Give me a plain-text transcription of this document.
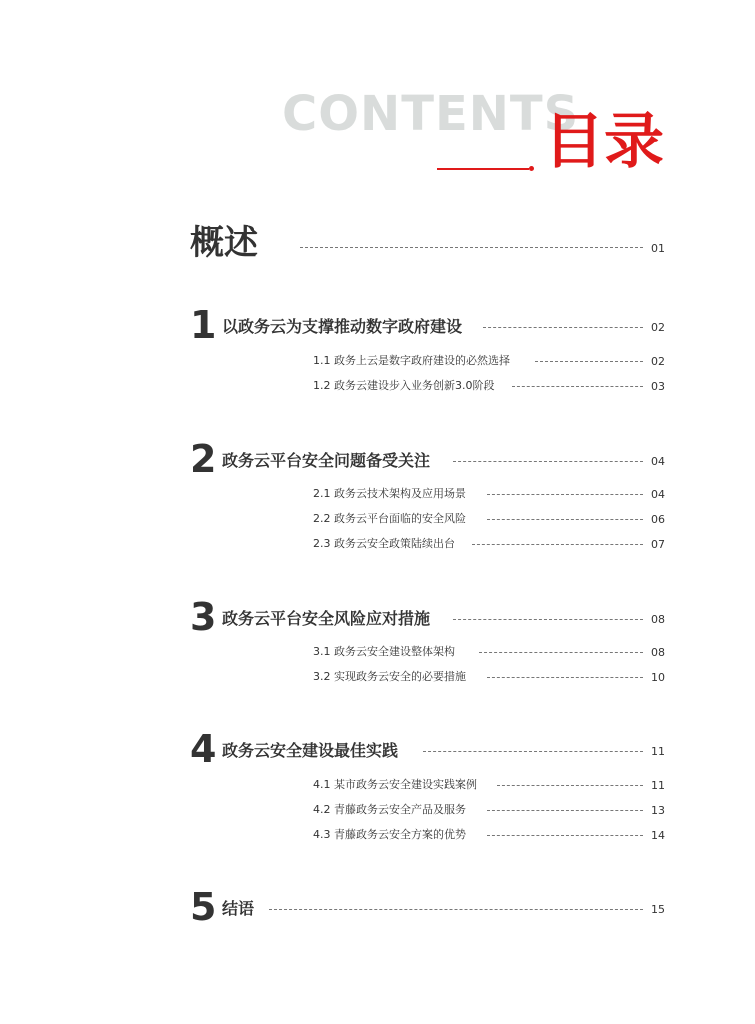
CONTENTS
目录
概述	01
1 以政务云为支撑推动数字政府建设	02
1.1 政务上云是数字政府建设的必然选择	02
1.2 政务云建设步入业务创新3.0阶段	03
2 政务云平台安全问题备受关注	04
2.1 政务云技术架构及应用场景	04
2.2 政务云平台面临的安全风险	06
2.3 政务云安全政策陆续出台	07
3 政务云平台安全风险应对措施	08
3.1 政务云安全建设整体架构	08
3.2 实现政务云安全的必要措施	10
4 政务云安全建设最佳实践	11
4.1 某市政务云安全建设实践案例	11
4.2 青藤政务云安全产品及服务	13
4.3 青藤政务云安全方案的优势	14
5 结语	15
